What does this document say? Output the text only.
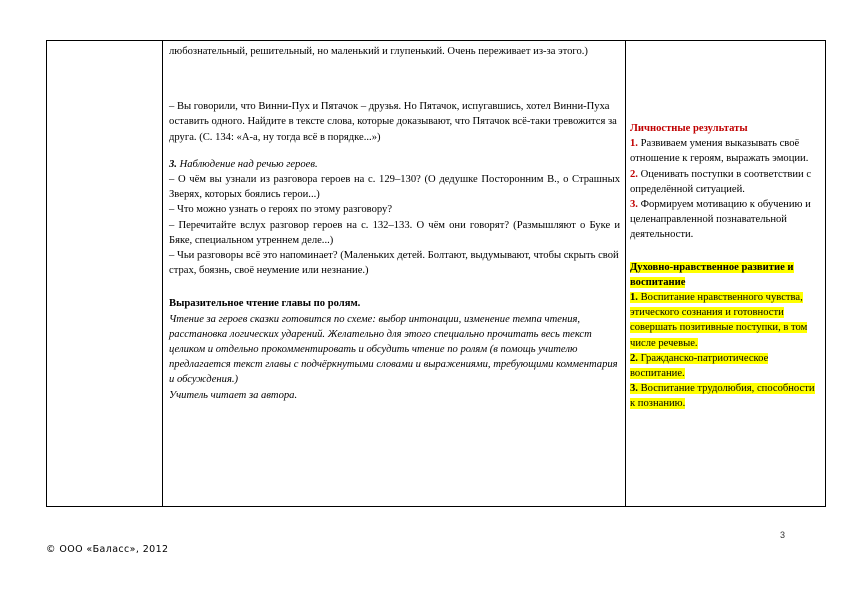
любознательный, решительный, но маленький и глупенький. Очень переживает из-за этого.)

– Вы говорили, что Винни-Пух и Пятачок – друзья. Но Пятачок, испугавшись, хотел Винни-Пуха оставить одного. Найдите в тексте слова, которые доказывают, что Пятачок всё-таки тревожится за друга. (С. 134: «А-а, ну тогда всё в порядке...»)

3. Наблюдение над речью героев.

– О чём вы узнали из разговора героев на с. 129–130? (О дедушке Посторонним В., о Страшных Зверях, которых боялись герои...)

– Что можно узнать о героях по этому разговору?

– Перечитайте вслух разговор героев на с. 132–133. О чём они говорят? (Размышляют о Буке и Бяке, специальном утреннем деле...)

– Чьи разговоры всё это напоминает? (Маленьких детей. Болтают, выдумывают, чтобы скрыть свой страх, боязнь, своё неумение или незнание.)

Выразительное чтение главы по ролям.

Чтение за героев сказки готовится по схеме: выбор интонации, изменение темпа чтения, расстановка логических ударений. Желательно для этого специально прочитать весь текст целиком и отдельно прокомментировать и обсудить чтение по ролям (в помощь учителю предлагается текст главы с подчёркнутыми словами и выражениями, требующими комментария и обсуждения.)

Учитель читает за автора.

Личностные результаты

1. Развиваем умения выказывать своё отношение к героям, выражать эмоции.

2. Оценивать поступки в соответствии с определённой ситуацией.

3. Формируем мотивацию к обучению и целенаправленной познавательной деятельности.

Духовно-нравственное развитие и воспитание

1. Воспитание нравственного чувства, этического сознания и готовности совершать позитивные поступки, в том числе речевые.

2. Гражданско-патриотическое воспитание.

3. Воспитание трудолюбия, способности к познанию.

3
© ООО «Баласс», 2012
